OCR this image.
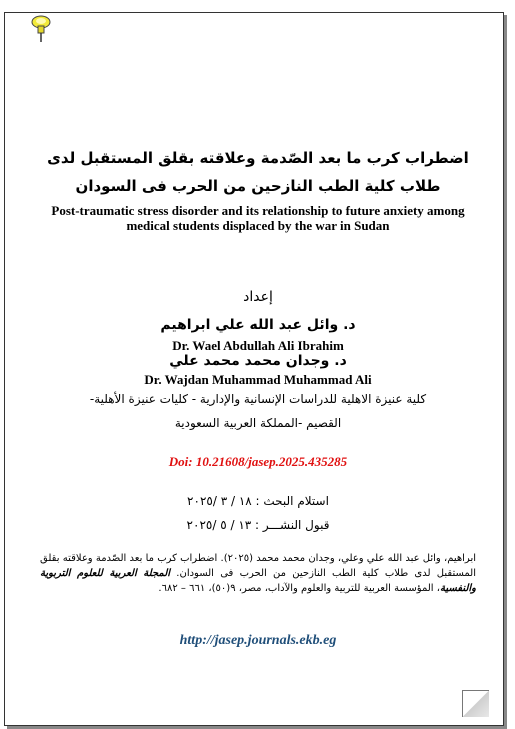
اضطراب كرب ما بعد الصّدمة وعلاقته بقلق المستقبل لدى
طلاب كلية الطب النازحين من الحرب فى السودان
Post-traumatic stress disorder and its relationship to future anxiety among medical students displaced by the war in Sudan
إعداد
د. وائل عبد الله علي ابراهيم
Dr. Wael Abdullah Ali Ibrahim
د. وجدان محمد محمد علي
Dr. Wajdan Muhammad Muhammad Ali
كلية عنيزة الاهلية للدراسات الإنسانية والإدارية - كليات عنيزة الأهلية-
القصيم -المملكة العربية السعودية
Doi: 10.21608/jasep.2025.435285
استلام البحث : ١٨ / ٣ /٢٠٢٥
قبول النشـــر : ١٣ / ٥ /٢٠٢٥
ابراهيم، وائل عبد الله علي وعلي، وجدان محمد محمد (٢٠٢٥). اضطراب كرب ما بعد الصّدمة وعلاقته بقلق المستقبل لدى طلاب كلية الطب النازحين من الحرب فى السودان. المجلة العربية للعلوم التربوية والنفسية، المؤسسة العربية للتربية والعلوم والآداب، مصر، ٩(٥٠)، ٦٦١ – ٦٨٢.
http://jasep.journals.ekb.eg
